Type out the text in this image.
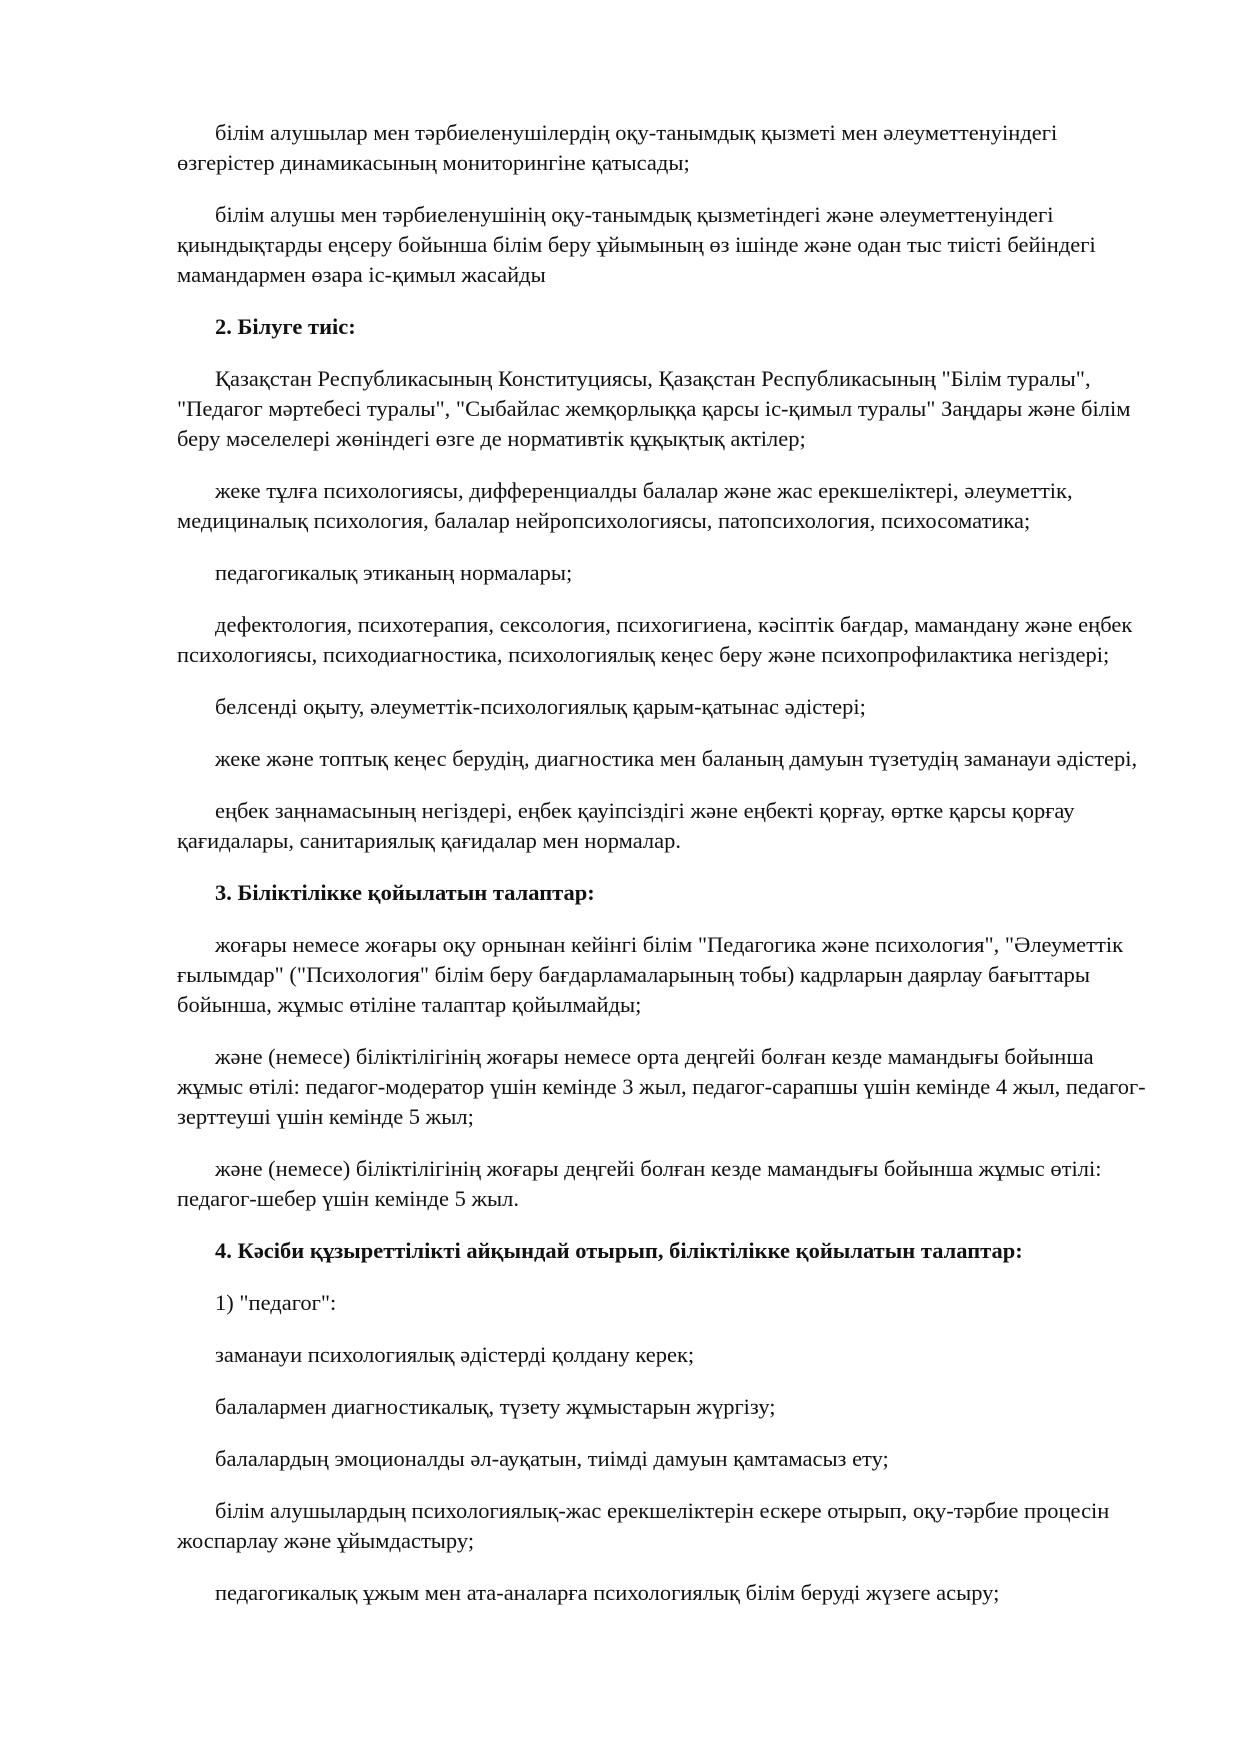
білім алушылар мен тәрбиеленушілердің оқу-танымдық қызметі мен әлеуметтенуіндегі өзгерістер динамикасының мониторингіне қатысады;

білім алушы мен тәрбиеленушінің оқу-танымдық қызметіндегі және әлеуметтенуіндегі қиындықтарды еңсеру бойынша білім беру ұйымының өз ішінде және одан тыс тиісті бейіндегі мамандармен өзара іс-қимыл жасайды

2. Білуге тиіс:

Қазақстан Республикасының Конституциясы, Қазақстан Республикасының "Білім туралы", "Педагог мәртебесі туралы", "Сыбайлас жемқорлыққа қарсы іс-қимыл туралы" Заңдары және білім беру мәселелері жөніндегі өзге де нормативтік құқықтық актілер;

жеке тұлға психологиясы, дифференциалды балалар және жас ерекшеліктері, әлеуметтік, медициналық психология, балалар нейропсихологиясы, патопсихология, психосоматика;

педагогикалық этиканың нормалары;

дефектология, психотерапия, сексология, психогигиена, кәсіптік бағдар, мамандану және еңбек психологиясы, психодиагностика, психологиялық кеңес беру және психопрофилактика негіздері;

белсенді оқыту, әлеуметтік-психологиялық қарым-қатынас әдістері;

жеке және топтық кеңес берудің, диагностика мен баланың дамуын түзетудің заманауи әдістері,

еңбек заңнамасының негіздері, еңбек қауіпсіздігі және еңбекті қорғау, өртке қарсы қорғау қағидалары, санитариялық қағидалар мен нормалар.

3. Біліктілікке қойылатын талаптар:

жоғары немесе жоғары оқу орнынан кейінгі білім "Педагогика және психология", "Әлеуметтік ғылымдар" ("Психология" білім беру бағдарламаларының тобы) кадрларын даярлау бағыттары бойынша, жұмыс өтіліне талаптар қойылмайды;

және (немесе) біліктілігінің жоғары немесе орта деңгейі болған кезде мамандығы бойынша жұмыс өтілі: педагог-модератор үшін кемінде 3 жыл, педагог-сарапшы үшін кемінде 4 жыл, педагог-зерттеуші үшін кемінде 5 жыл;

және (немесе) біліктілігінің жоғары деңгейі болған кезде мамандығы бойынша жұмыс өтілі: педагог-шебер үшін кемінде 5 жыл.

4. Кәсіби құзыреттілікті айқындай отырып, біліктілікке қойылатын талаптар:

1) "педагог":

заманауи психологиялық әдістерді қолдану керек;

балалармен диагностикалық, түзету жұмыстарын жүргізу;

балалардың эмоционалды әл-ауқатын, тиімді дамуын қамтамасыз ету;

білім алушылардың психологиялық-жас ерекшеліктерін ескере отырып, оқу-тәрбие процесін жоспарлау және ұйымдастыру;

педагогикалық ұжым мен ата-аналарға психологиялық білім беруді жүзеге асыру;
